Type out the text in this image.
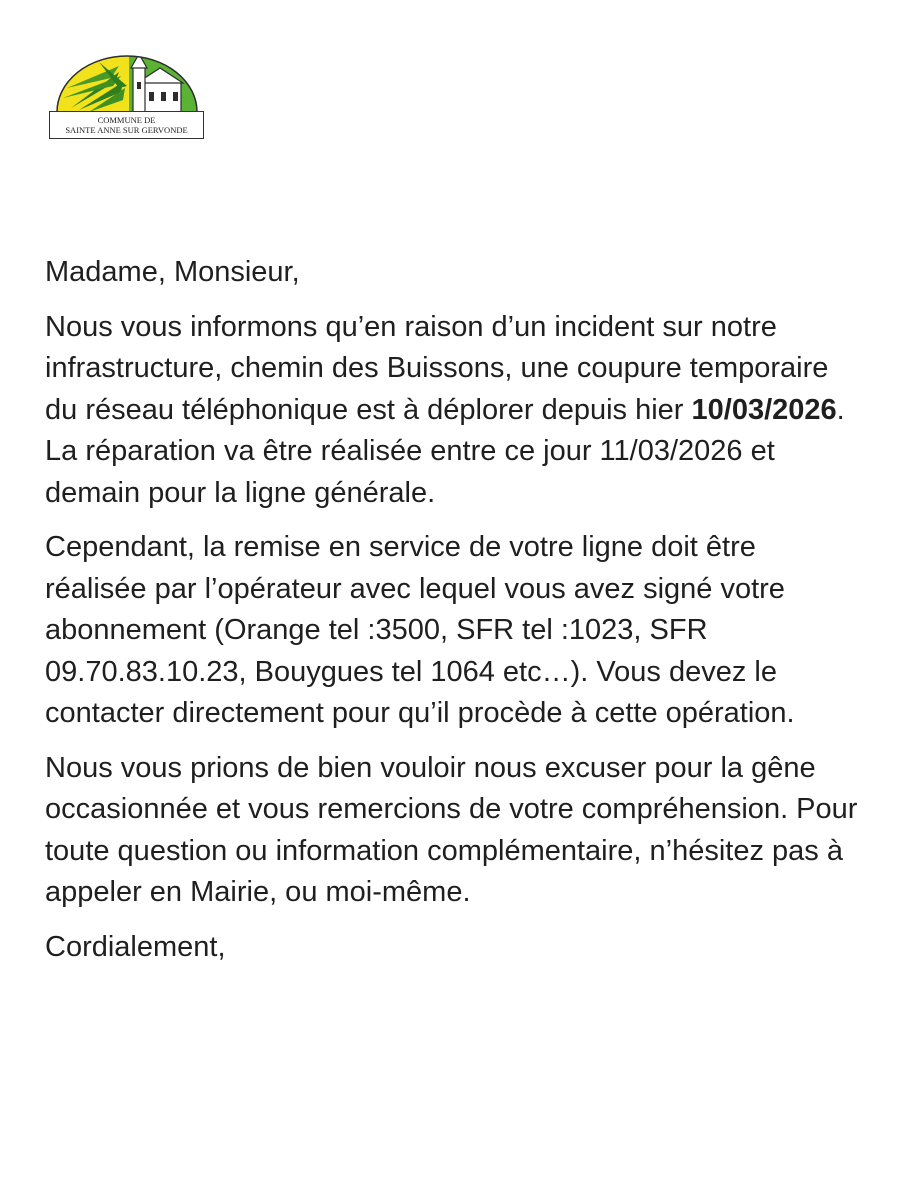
COMMUNE DE
SAINTE ANNE SUR GERVONDE

Madame, Monsieur,

Nous vous informons qu’en raison d’un incident sur notre infrastructure, chemin des Buissons, une coupure temporaire du réseau téléphonique est à déplorer depuis hier 10/03/2026. La réparation va être réalisée entre ce jour 11/03/2026 et demain pour la ligne générale.

Cependant, la remise en service de votre ligne doit être réalisée par l’opérateur avec lequel vous avez signé votre abonnement (Orange tel :3500, SFR tel :1023, SFR 09.70.83.10.23, Bouygues tel 1064 etc…). Vous devez le contacter directement pour qu’il procède à cette opération.

Nous vous prions de bien vouloir nous excuser pour la gêne occasionnée et vous remercions de votre compréhension. Pour toute question ou information complémentaire, n’hésitez pas à appeler en Mairie, ou moi-même.

Cordialement,
